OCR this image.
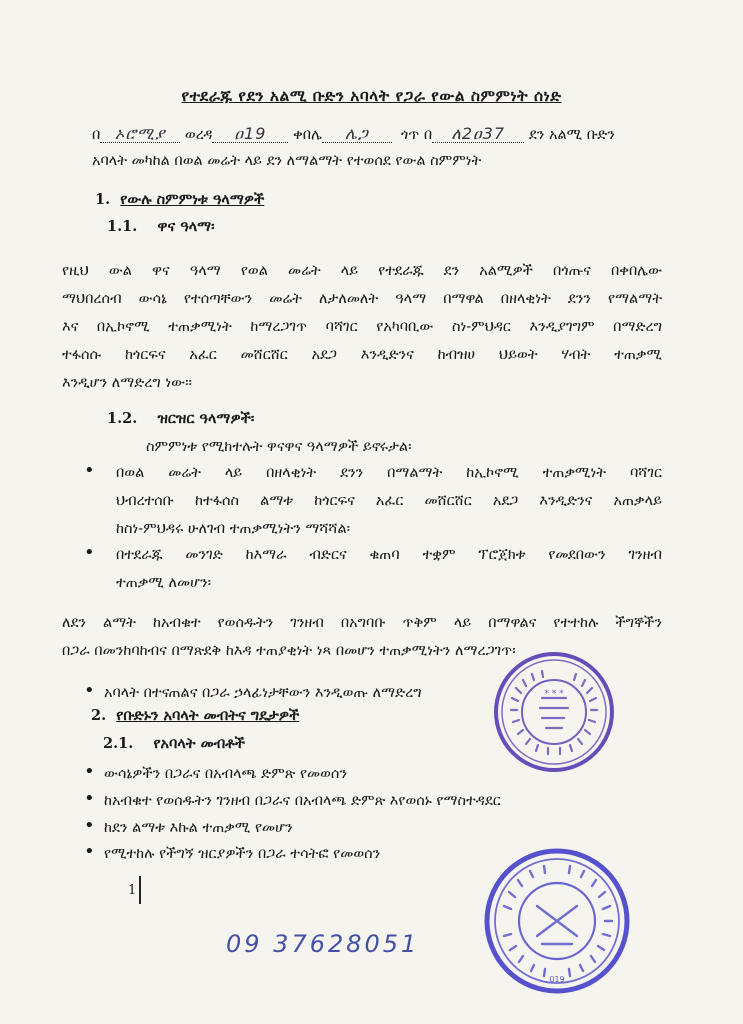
የተደራጁ የደን አልሚ ቡድን አባላት የጋራ የውል ስምምነት ሰነድ
በ ኦሮሚያ ወረዳ ዐ19 ቀበሌ ሌጋ ጎጥ በ ለ2ዐ37 ደን አልሚ ቡድን
አባላት መካከል በወል መሬት ላይ ደን ለማልማት የተወሰደ የውል ስምምነት
1. የውሉ ስምምነቱ ዓላማዎች
1.1. ዋና ዓላማ፡
የዚህ ውል ዋና ዓላማ የወል መሬት ላይ የተደራጁ ደን አልሚዎች በጎጡና በቀበሌው
ማህበረሰብ ውሳኔ የተሰጣቸውን መሬት ለታለመለት ዓላማ በማዋል በዘላቂነት ደንን የማልማት
እና በኢኮኖሚ ተጠቃሚነት ከማረጋገጥ ባሻገር የአካባቢው ስነ-ምህዳር እንዲያገግም በማድረግ
ተፋሰሱ ከጎርፍና አፈር መሸርሸር አደጋ እንዲድንና ከብዝሀ ህይወት ሃብት ተጠቃሚ
እንዲሆን ለማድረግ ነው፡፡
1.2. ዝርዝር ዓላማዎች፡
ስምምነቱ የሚከተሉት ዋናዋና ዓላማዎች ይኖሩታል፡
• በወል መሬት ላይ በዘላቂነት ደንን በማልማት ከኢኮኖሚ ተጠቃሚነት ባሻገር
ህብረተሰቡ ከተፋሰስ ልማቱ ከጎርፍና አፈር መሸርሸር አደጋ እንዲድንና አጠቃላይ
ከስነ-ምህዳሩ ሁለገብ ተጠቃሚነትን ማሻሻል፡
• በተደራጁ መንገድ ከእማራ ብድርና ቁጠባ ተቋም ፕሮጀክቱ የመደበውን ገንዘብ
ተጠቃሚ ለመሆን፡
ለደን ልማት ከአብቁተ የወሰዱትን ገንዘብ በአግባቡ ጥቅም ላይ በማዋልና የተተከሉ ችግኞችን
በጋራ በመንከባከብና በማጽደቅ ከእዳ ተጠያቂነት ነጻ በመሆን ተጠቃሚነትን ለማረጋገጥ፡
• አባላት በተናጠልና በጋራ ኃላፊነታቸውን እንዲወጡ ለማድረግ
2. የቡድኑን አባላት መብትና ግዴታዎች
2.1. የአባላት መብቶች
• ውሳኔዎችን በጋራና በአብላጫ ድምጽ የመወሰን
• ከአብቁተ የወሰዱትን ገንዘብ በጋራና በአብላጫ ድምጽ እየወሰኑ የማስተዳደር
• ከደን ልማቱ እኩል ተጠቃሚ የመሆን
• የሚተከሉ የችግኝ ዝርያዎችን በጋራ ተሳትፎ የመወሰን
1
09 37628051
* * *
019
